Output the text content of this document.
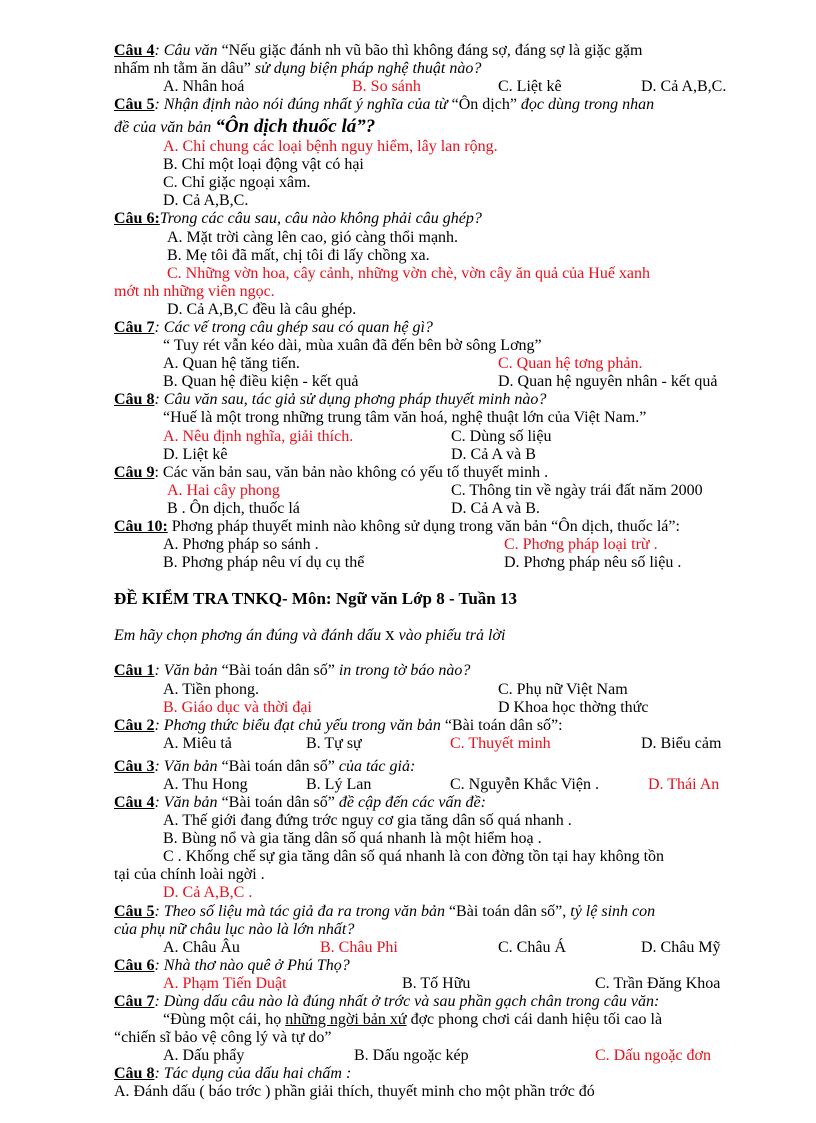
Câu 4: Câu văn “Nếu giặc đánh nh vũ bão thì không đáng sợ, đáng sợ là giặc gặm
nhấm nh tằm ăn dâu” sử dụng biện pháp nghệ thuật nào?
A. Nhân hoá	B. So sánh	C. Liệt kê	D. Cả A,B,C.
Câu 5: Nhận định nào nói đúng nhất ý nghĩa của từ “Ôn dịch” đọc dùng trong nhan
đề của văn bản “Ôn dịch thuốc lá”?
A. Chỉ chung các loại bệnh nguy hiểm, lây lan rộng.
B. Chỉ một loại động vật có hại
C. Chỉ giặc ngoại xâm.
D. Cả A,B,C.
Câu 6:Trong các câu sau, câu nào không phải câu ghép?
A. Mặt trời càng lên cao, gió càng thổi mạnh.
B. Mẹ tôi đã mất, chị tôi đi lấy chồng xa.
C. Những vờn hoa, cây cảnh, những vờn chè, vờn cây ăn quả của Huế xanh
mớt nh những viên ngọc.
D. Cả A,B,C đều là câu ghép.
Câu 7: Các vế trong câu ghép sau có quan hệ gì?
“ Tuy rét vẫn kéo dài, mùa xuân đã đến bên bờ sông Lơng”
A. Quan hệ tăng tiến.	C. Quan hệ tơng phản.
B. Quan hệ điều kiện - kết quả	D. Quan hệ nguyên nhân - kết quả
Câu 8: Câu văn sau, tác giả sử dụng phơng pháp thuyết minh nào?
“Huế là một trong những trung tâm văn hoá, nghệ thuật lớn của Việt Nam.”
A. Nêu định nghĩa, giải thích.	C. Dùng số liệu
D. Liệt kê	D. Cả A và B
Câu 9: Các văn bản sau, văn bản nào không có yếu tố thuyết minh .
A. Hai cây phong	C. Thông tin về ngày trái đất năm 2000
B . Ôn dịch, thuốc lá	D. Cả A và B.
Câu 10: Phơng pháp thuyết minh nào không sử dụng trong văn bản “Ôn dịch, thuốc lá”:
A. Phơng pháp so sánh .	C. Phơng pháp loại trừ .
B. Phơng pháp nêu ví dụ cụ thể	D. Phơng pháp nêu số liệu .
ĐỀ KIỂM TRA TNKQ- Môn: Ngữ văn Lớp 8 - Tuần 13
Em hãy chọn phơng án đúng và đánh dấu x vào phiếu trả lời
Câu 1: Văn bản “Bài toán dân số” in trong tờ báo nào?
A. Tiền phong.	C. Phụ nữ Việt Nam
B. Giáo dục và thời đại	D Khoa học thờng thức
Câu 2: Phơng thức biểu đạt chủ yếu trong văn bản “Bài toán dân số”:
A. Miêu tả	B. Tự sự	C. Thuyết minh	D. Biểu cảm
Câu 3: Văn bản “Bài toán dân số” của tác giả:
A. Thu Hong	B. Lý Lan	C. Nguyễn Khắc Viện .	D. Thái An
Câu 4: Văn bản “Bài toán dân số” đề cập đến các vấn đề:
A. Thế giới đang đứng trớc nguy cơ gia tăng dân số quá nhanh .
B. Bùng nổ và gia tăng dân số quá nhanh là một hiểm hoạ .
C . Khống chế sự gia tăng dân số quá nhanh là con đờng tồn tại hay không tồn
tại của chính loài ngời .
D. Cả A,B,C .
Câu 5: Theo số liệu mà tác giả đa ra trong văn bản “Bài toán dân số”, tỷ lệ sinh con
của phụ nữ châu lục nào là lớn nhất?
A. Châu Âu	B. Châu Phi	C. Châu Á	D. Châu Mỹ
Câu 6: Nhà thơ nào quê ở Phú Thọ?
A. Phạm Tiến Duật	B. Tố Hữu	C. Trần Đăng Khoa
Câu 7: Dùng dấu câu nào là đúng nhất ở trớc và sau phần gạch chân trong câu văn:
“Đùng một cái, họ những ngời bản xứ đợc phong chơi cái danh hiệu tối cao là
“chiến sĩ bảo vệ công lý và tự do”
A. Dấu phẩy	B. Dấu ngoặc kép	C. Dấu ngoặc đơn
Câu 8: Tác dụng của dấu hai chấm :
A. Đánh dấu ( báo trớc ) phần giải thích, thuyết minh cho một phần trớc đó
